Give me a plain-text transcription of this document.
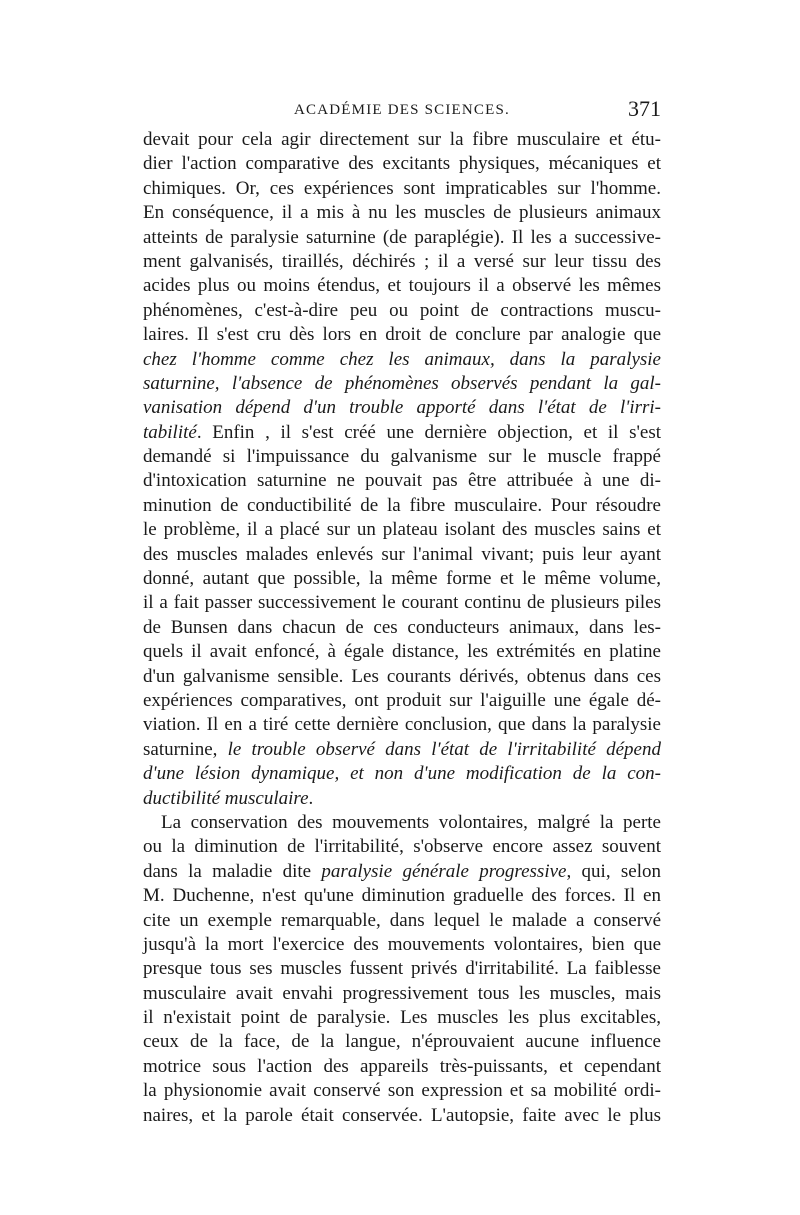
ACADÉMIE DES SCIENCES.	371
devait pour cela agir directement sur la fibre musculaire et étu-
dier l'action comparative des excitants physiques, mécaniques et
chimiques. Or, ces expériences sont impraticables sur l'homme.
En conséquence, il a mis à nu les muscles de plusieurs animaux
atteints de paralysie saturnine (de paraplégie). Il les a successive-
ment galvanisés, tiraillés, déchirés ; il a versé sur leur tissu des
acides plus ou moins étendus, et toujours il a observé les mêmes
phénomènes, c'est-à-dire peu ou point de contractions muscu-
laires. Il s'est cru dès lors en droit de conclure par analogie que
chez l'homme comme chez les animaux, dans la paralysie
saturnine, l'absence de phénomènes observés pendant la gal-
vanisation dépend d'un trouble apporté dans l'état de l'irri-
tabilité. Enfin , il s'est créé une dernière objection, et il s'est
demandé si l'impuissance du galvanisme sur le muscle frappé
d'intoxication saturnine ne pouvait pas être attribuée à une di-
minution de conductibilité de la fibre musculaire. Pour résoudre
le problème, il a placé sur un plateau isolant des muscles sains et
des muscles malades enlevés sur l'animal vivant; puis leur ayant
donné, autant que possible, la même forme et le même volume,
il a fait passer successivement le courant continu de plusieurs piles
de Bunsen dans chacun de ces conducteurs animaux, dans les-
quels il avait enfoncé, à égale distance, les extrémités en platine
d'un galvanisme sensible. Les courants dérivés, obtenus dans ces
expériences comparatives, ont produit sur l'aiguille une égale dé-
viation. Il en a tiré cette dernière conclusion, que dans la paralysie
saturnine, le trouble observé dans l'état de l'irritabilité dépend
d'une lésion dynamique, et non d'une modification de la con-
ductibilité musculaire.
La conservation des mouvements volontaires, malgré la perte
ou la diminution de l'irritabilité, s'observe encore assez souvent
dans la maladie dite paralysie générale progressive, qui, selon
M. Duchenne, n'est qu'une diminution graduelle des forces. Il en
cite un exemple remarquable, dans lequel le malade a conservé
jusqu'à la mort l'exercice des mouvements volontaires, bien que
presque tous ses muscles fussent privés d'irritabilité. La faiblesse
musculaire avait envahi progressivement tous les muscles, mais
il n'existait point de paralysie. Les muscles les plus excitables,
ceux de la face, de la langue, n'éprouvaient aucune influence
motrice sous l'action des appareils très-puissants, et cependant
la physionomie avait conservé son expression et sa mobilité ordi-
naires, et la parole était conservée. L'autopsie, faite avec le plus
